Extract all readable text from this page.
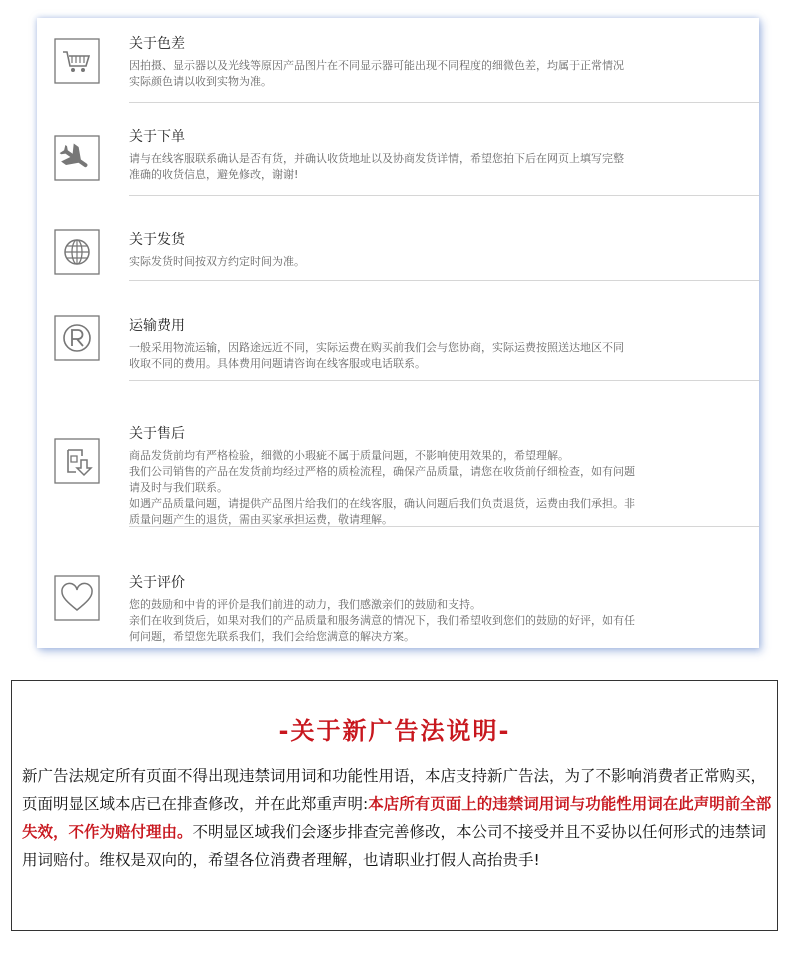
关于色差

因拍摄、显示器以及光线等原因产品图片在不同显示器可能出现不同程度的细微色差，均属于正常情况

实际颜色请以收到实物为准。

关于下单

请与在线客服联系确认是否有货，并确认收货地址以及协商发货详情，希望您拍下后在网页上填写完整

准确的收货信息，避免修改，谢谢!

关于发货

实际发货时间按双方约定时间为准。

运输费用

一般采用物流运输，因路途远近不同，实际运费在购买前我们会与您协商，实际运费按照送达地区不同

收取不同的费用。具体费用问题请咨询在线客服或电话联系。

关于售后

商品发货前均有严格检验，细微的小瑕疵不属于质量问题，不影响使用效果的，希望理解。

我们公司销售的产品在发货前均经过严格的质检流程，确保产品质量，请您在收货前仔细检查，如有问题

请及时与我们联系。

如遇产品质量问题，请提供产品图片给我们的在线客服，确认问题后我们负责退货，运费由我们承担。非

质量问题产生的退货，需由买家承担运费，敬请理解。

关于评价

您的鼓励和中肯的评价是我们前进的动力，我们感激亲们的鼓励和支持。

亲们在收到货后，如果对我们的产品质量和服务满意的情况下，我们希望收到您们的鼓励的好评，如有任

何问题，希望您先联系我们，我们会给您满意的解决方案。

-关于新广告法说明-
新广告法规定所有页面不得出现违禁词用词和功能性用语，本店支持新广告法，为了不影响消费者正常购买，页面明显区域本店已在排查修改，并在此郑重声明:本店所有页面上的违禁词用词与功能性用词在此声明前全部失效，不作为赔付理由。不明显区域我们会逐步排查完善修改，本公司不接受并且不妥协以任何形式的违禁词用词赔付。维权是双向的，希望各位消费者理解，也请职业打假人高抬贵手!
